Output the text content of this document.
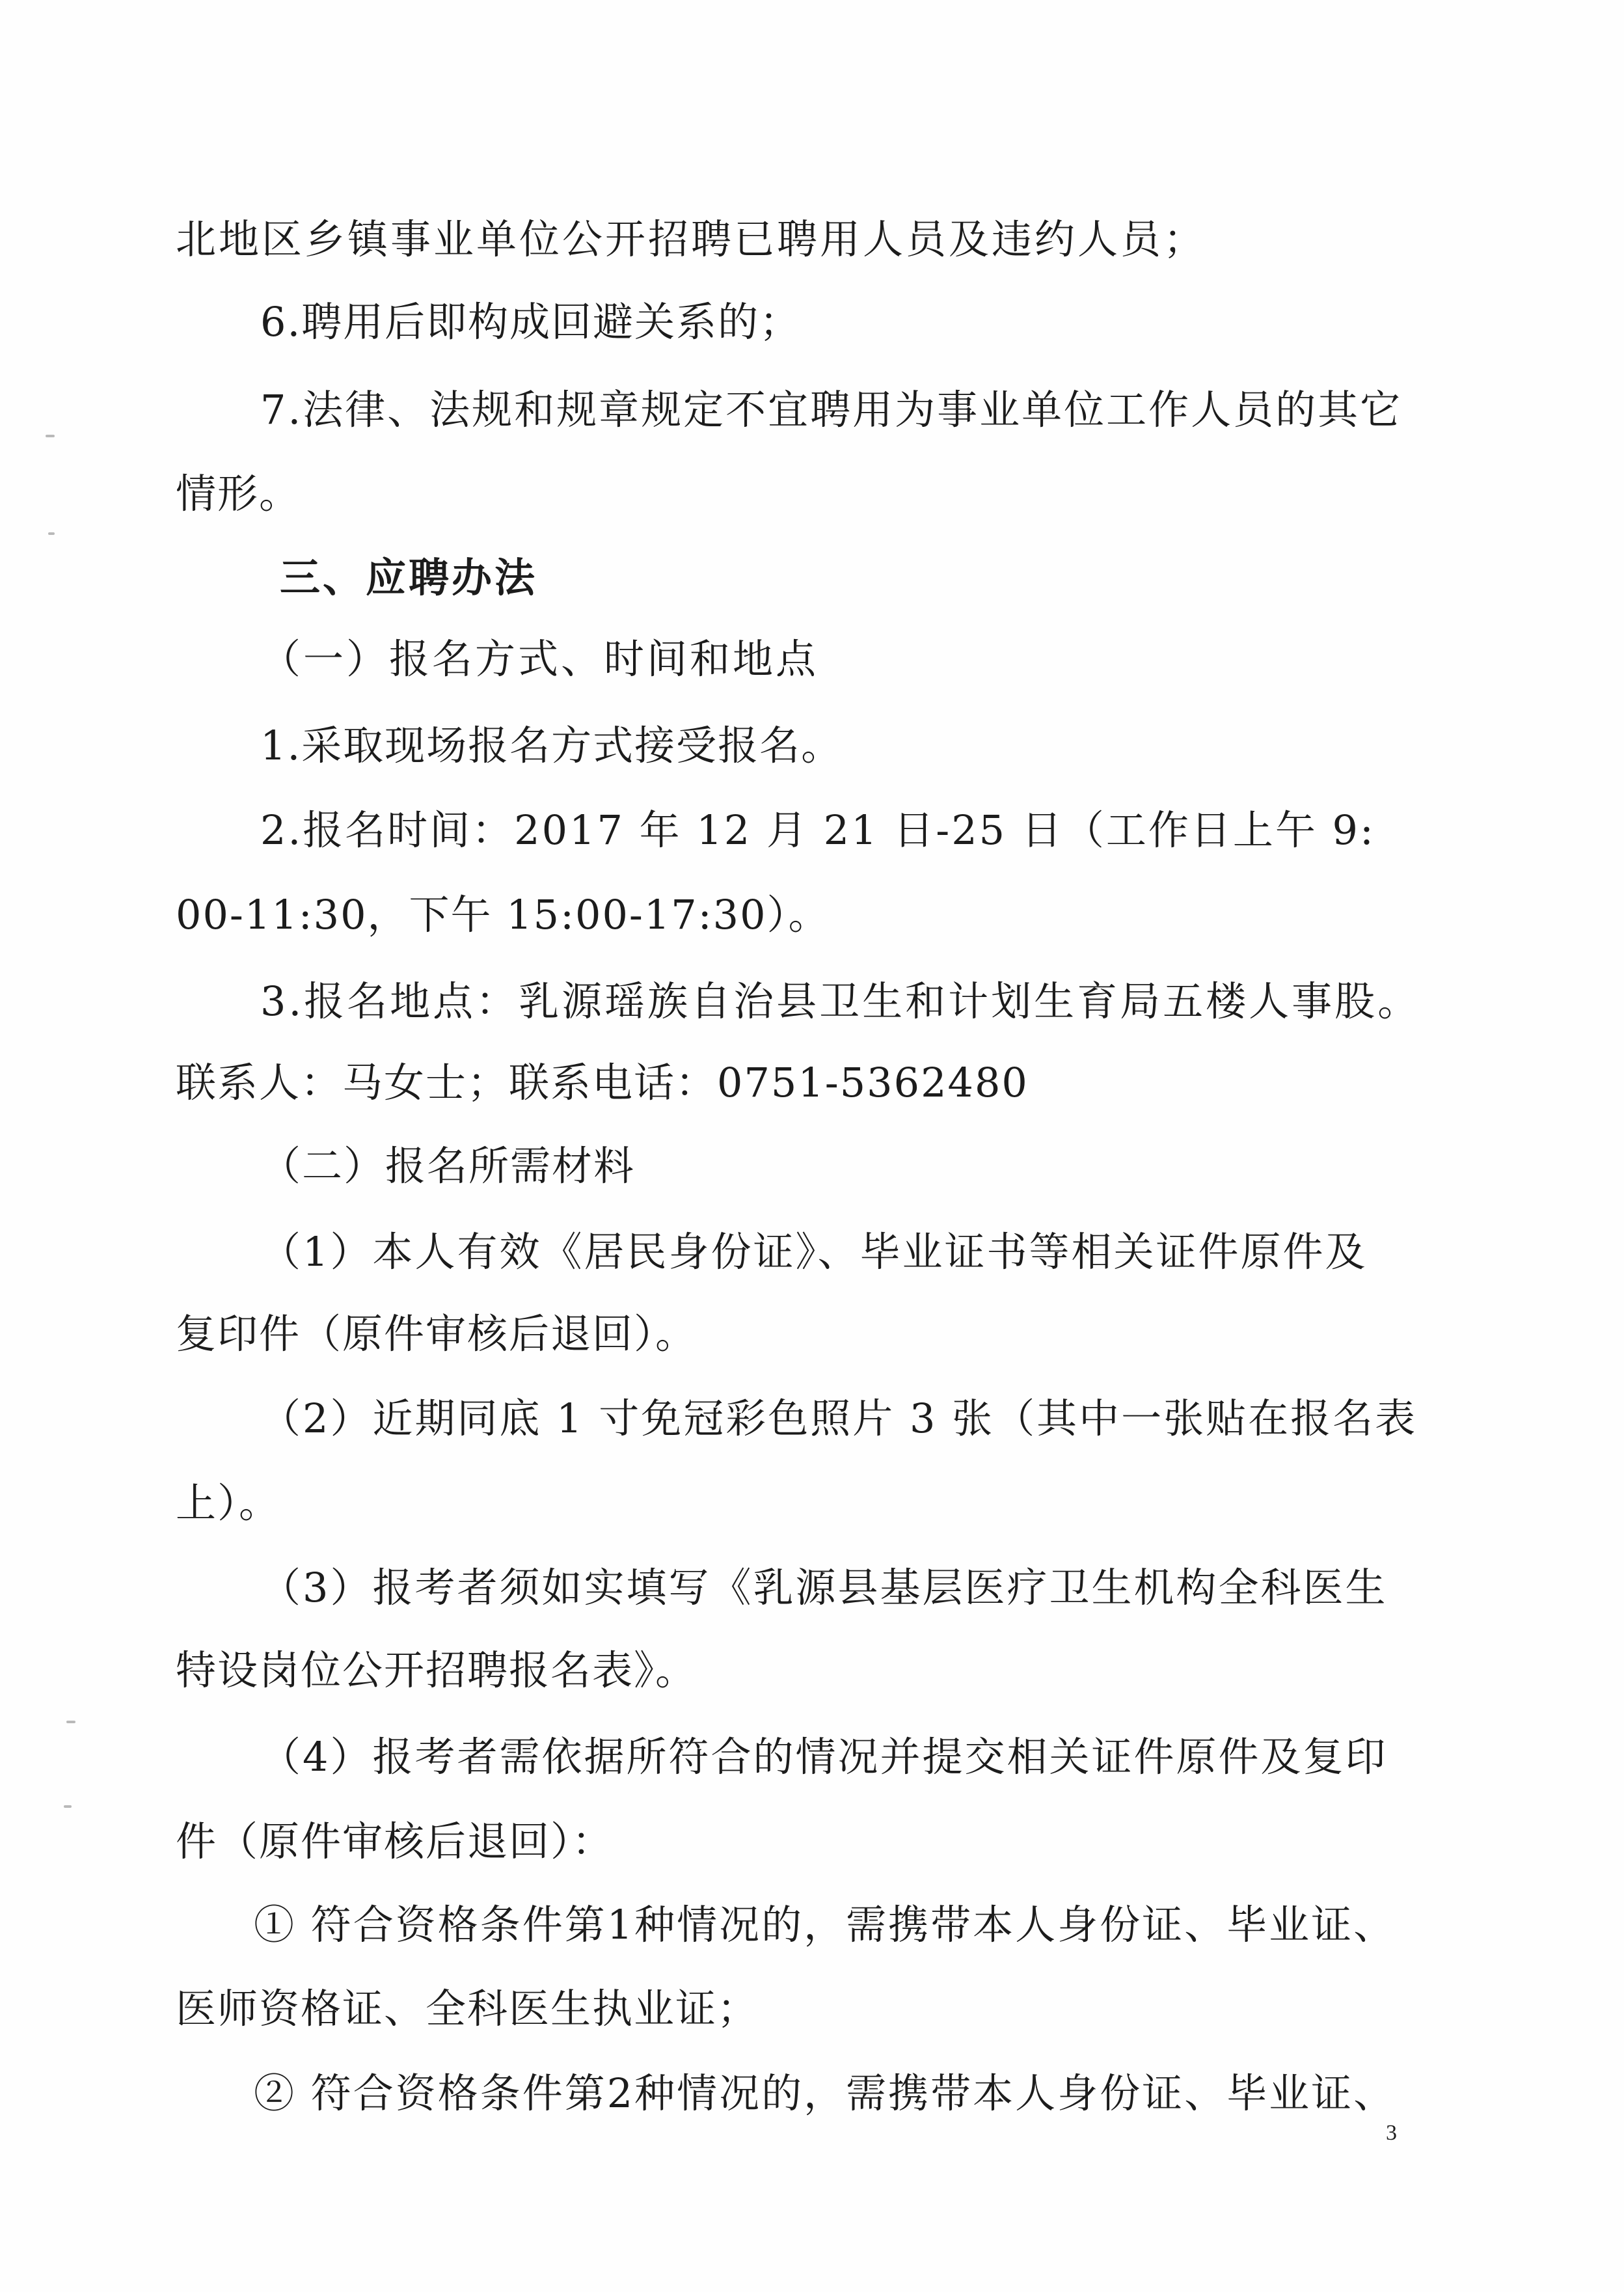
北地区乡镇事业单位公开招聘已聘用人员及违约人员；
6.聘用后即构成回避关系的；
7.法律、法规和规章规定不宜聘用为事业单位工作人员的其它
情形。
三、应聘办法
（一）报名方式、时间和地点
1.采取现场报名方式接受报名。
2.报名时间：2017 年 12 月 21 日-25 日（工作日上午 9:
00-11:30，下午 15:00-17:30）。
3.报名地点：乳源瑶族自治县卫生和计划生育局五楼人事股。
联系人：马女士；联系电话：0751-5362480
（二）报名所需材料
（1）本人有效《居民身份证》、毕业证书等相关证件原件及
复印件（原件审核后退回）。
（2）近期同底 1 寸免冠彩色照片 3 张（其中一张贴在报名表
上）。
（3）报考者须如实填写《乳源县基层医疗卫生机构全科医生
特设岗位公开招聘报名表》。
（4）报考者需依据所符合的情况并提交相关证件原件及复印
件（原件审核后退回）：
① 符合资格条件第1种情况的，需携带本人身份证、毕业证、
医师资格证、全科医生执业证；
② 符合资格条件第2种情况的，需携带本人身份证、毕业证、
3
